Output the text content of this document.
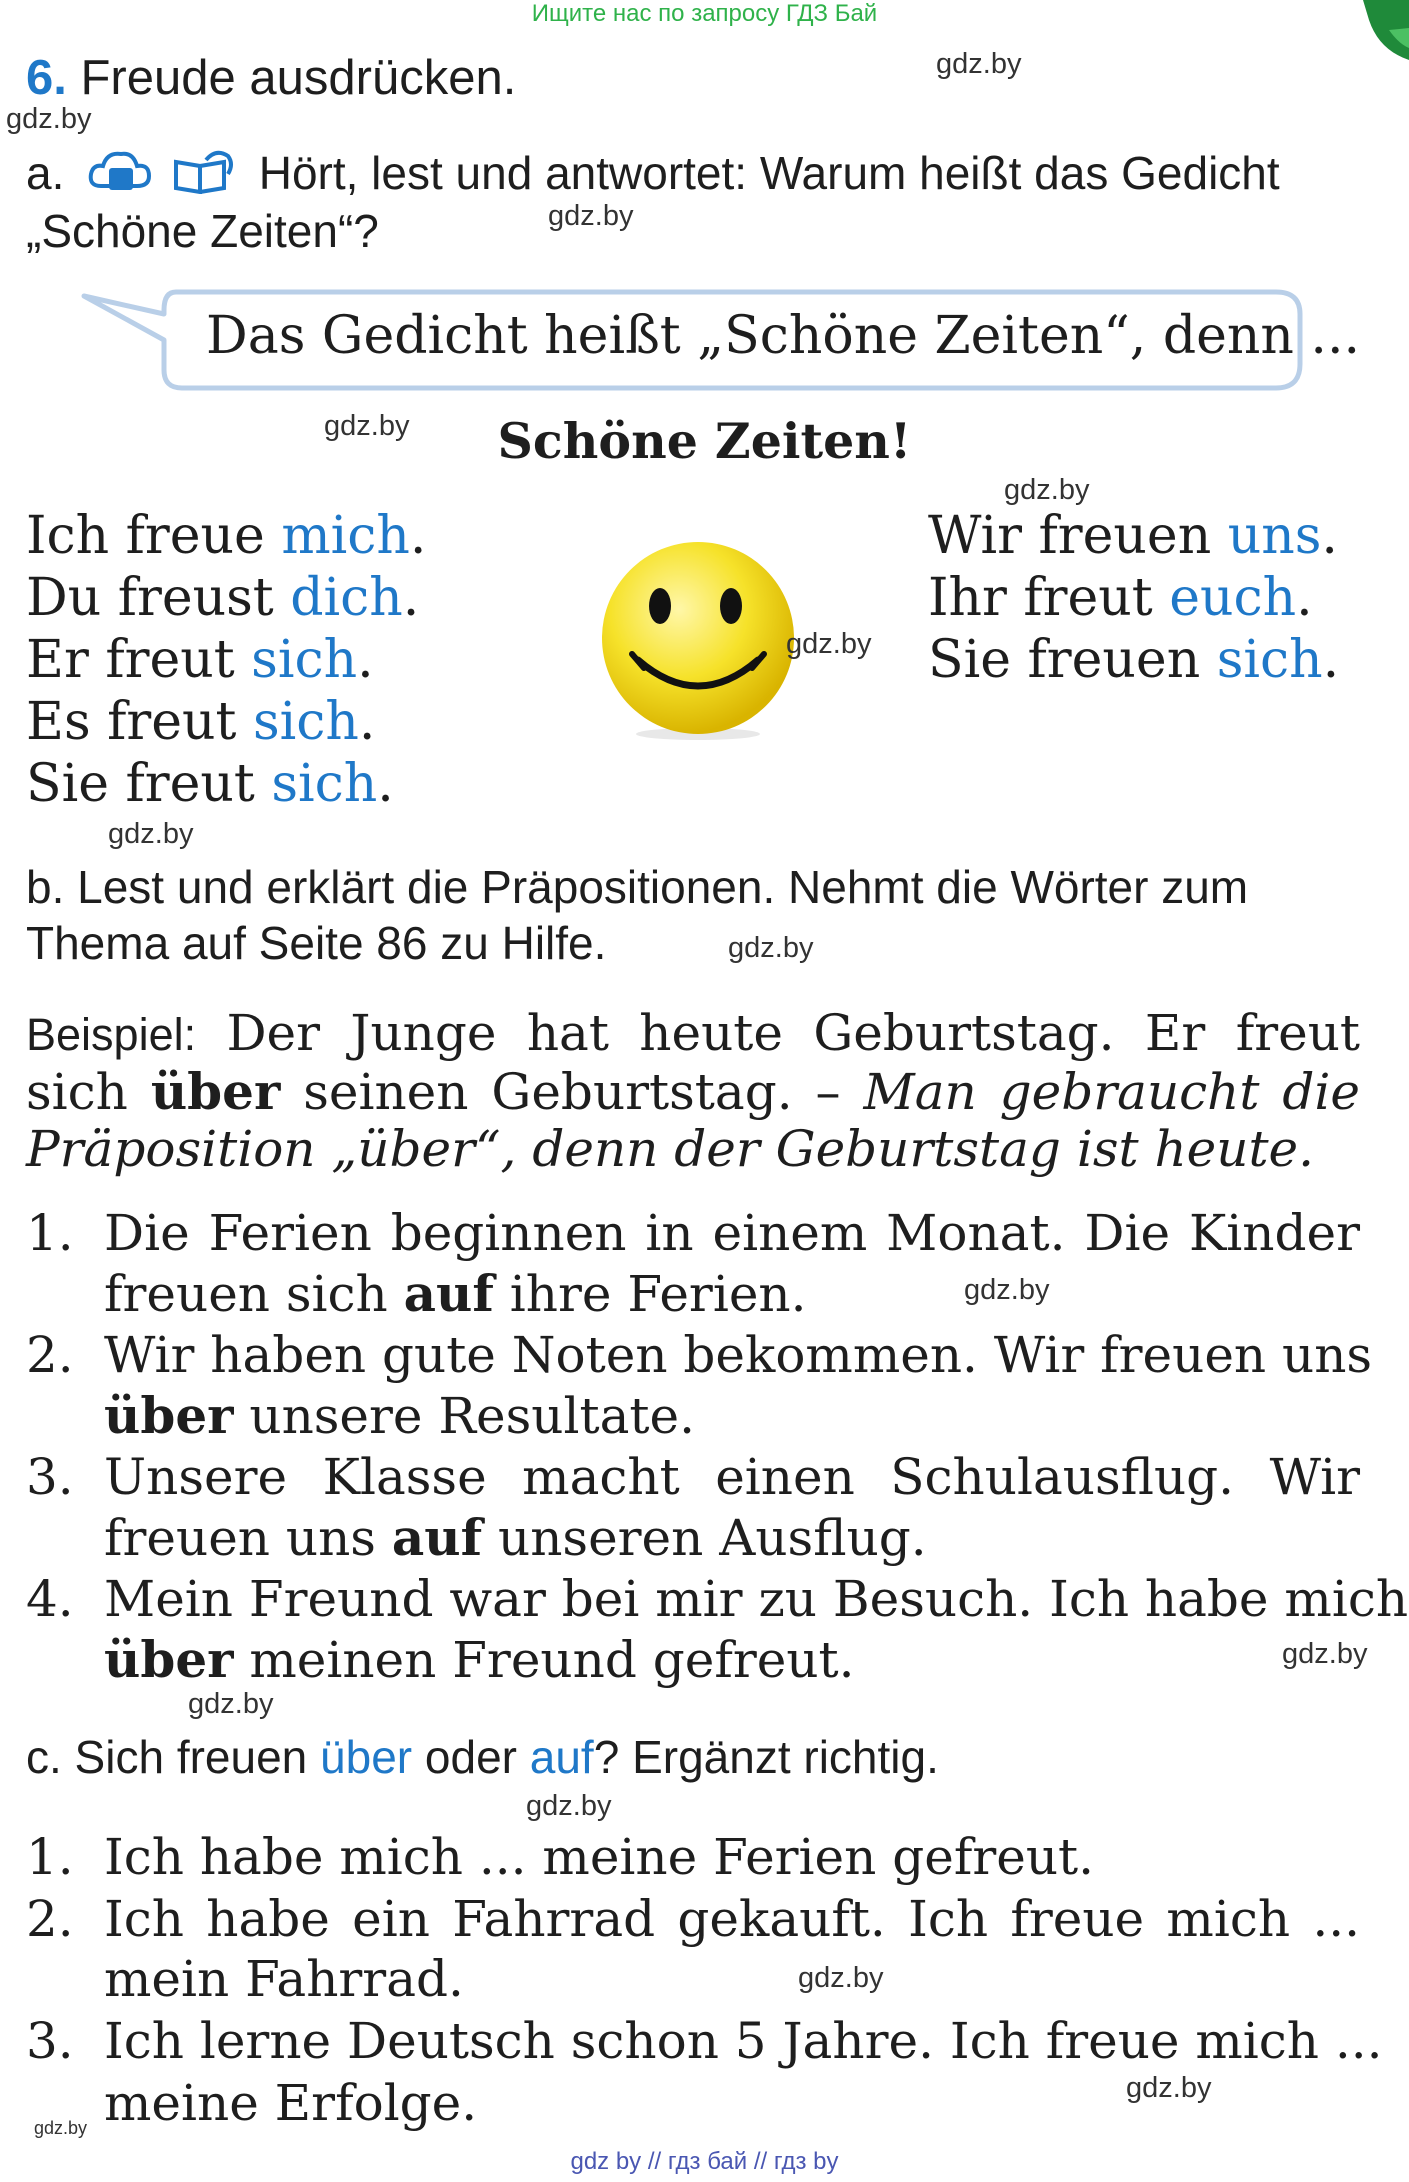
Ищите нас по запросу ГДЗ Бай
6. Freude ausdrücken.	gdz.by
gdz.by
a.	Hört, lest und antwortet: Warum heißt das Gedicht
„Schöne Zeiten“?	gdz.by
Das Gedicht heißt „Schöne Zeiten“, denn ...
Schöne Zeiten!
gdz.by
gdz.by
Ich freue mich.
Du freust dich.
Er freut sich.
Es freut sich.
Sie freut sich.
gdz.by
Wir freuen uns.
Ihr freut euch.
Sie freuen sich.
gdz.by
b. Lest und erklärt die Präpositionen. Nehmt die Wörter zum
Thema auf Seite 86 zu Hilfe.	gdz.by
Beispiel: Der Junge hat heute Geburtstag. Er freut
sich über seinen Geburtstag. – Man gebraucht die
Präposition „über“, denn der Geburtstag ist heute.
1. Die Ferien beginnen in einem Monat. Die Kinder
freuen sich auf ihre Ferien.	gdz.by
2. Wir haben gute Noten bekommen. Wir freuen uns
über unsere Resultate.
3. Unsere Klasse macht einen Schulausflug. Wir
freuen uns auf unseren Ausflug.
4. Mein Freund war bei mir zu Besuch. Ich habe mich
über meinen Freund gefreut.	gdz.by
gdz.by
c. Sich freuen über oder auf? Ergänzt richtig.
gdz.by
1. Ich habe mich ... meine Ferien gefreut.
2. Ich habe ein Fahrrad gekauft. Ich freue mich ...
mein Fahrrad.	gdz.by
3. Ich lerne Deutsch schon 5 Jahre. Ich freue mich ...
meine Erfolge.	gdz.by
gdz.by
gdz by // гдз бай // гдз by
